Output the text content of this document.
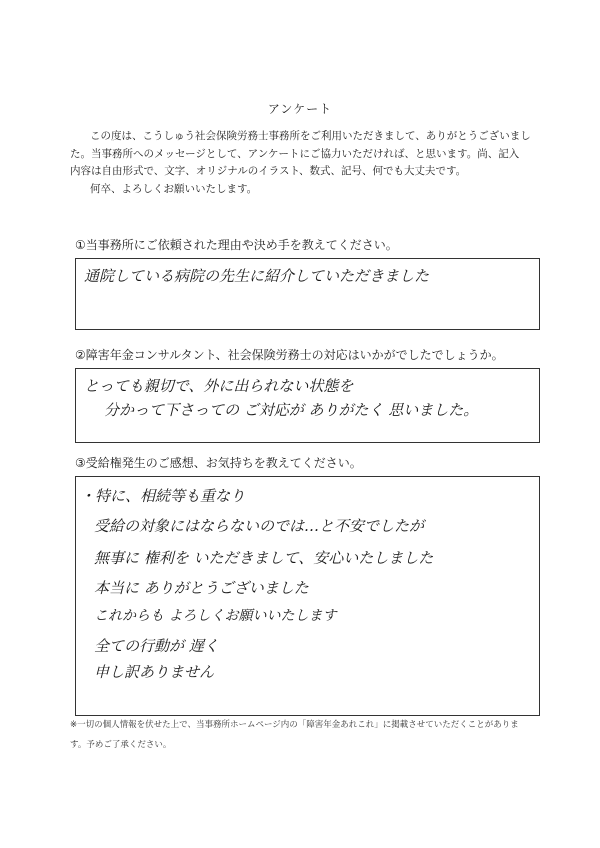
アンケート

この度は、こうしゅう社会保険労務士事務所をご利用いただきまして、ありがとうございまし

た。当事務所へのメッセージとして、アンケートにご協力いただければ、と思います。尚、記入

内容は自由形式で、文字、オリジナルのイラスト、数式、記号、何でも大丈夫です。

何卒、よろしくお願いいたします。

①当事務所にご依頼された理由や決め手を教えてください。
通院している病院の先生に紹介していただきました
②障害年金コンサルタント、社会保険労務士の対応はいかがでしたでしょうか。
とっても親切で、外に出られない状態を
分かって下さっての ご対応が ありがたく 思いました。
③受給権発生のご感想、お気持ちを教えてください。
・特に、相続等も重なり
受給の対象にはならないのでは…と不安でしたが
無事に 権利を いただきまして、安心いたしました
本当に ありがとうございました
これからも よろしくお願いいたします
全ての行動が 遅く
申し訳ありません
※一切の個人情報を伏せた上で、当事務所ホームページ内の「障害年金あれこれ」に掲載させていただくことがありま
す。予めご了承ください。
